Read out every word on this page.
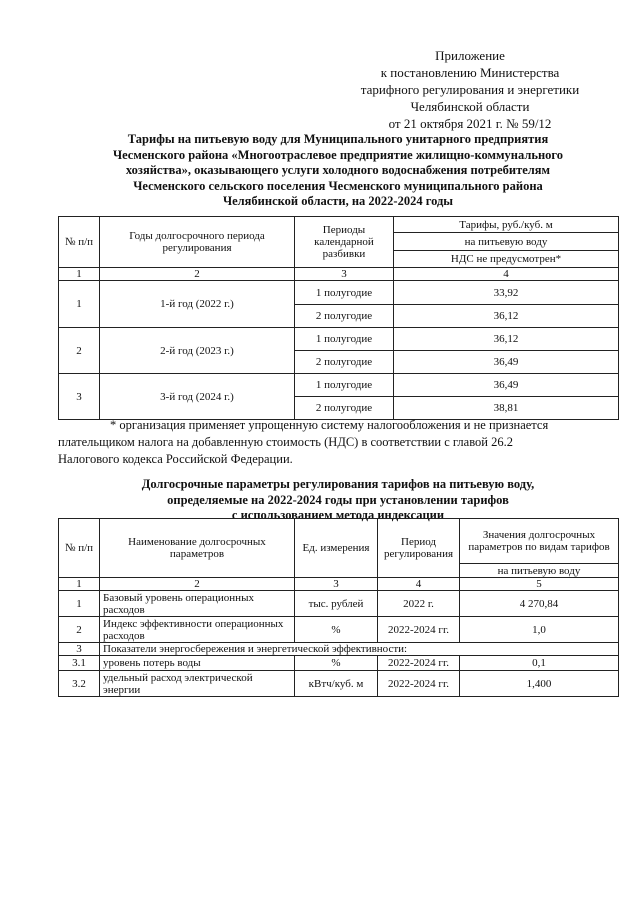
Приложение
к постановлению Министерства
тарифного регулирования и энергетики
Челябинской области
от 21 октября 2021 г. № 59/12
Тарифы на питьевую воду для Муниципального унитарного предприятия
Чесменского района «Многоотраслевое предприятие жилищно-коммунального
хозяйства», оказывающего услуги холодного водоснабжения потребителям
Чесменского сельского поселения Чесменского муниципального района
Челябинской области, на 2022-2024 годы
№ п/п	Годы долгосрочного периода регулирования	Периоды календарной разбивки	Тарифы, руб./куб. м
			на питьевую воду
			НДС не предусмотрен*
1	2	3	4
1	1-й год (2022 г.)	1 полугодие	33,92
		2 полугодие	36,12
2	2-й год (2023 г.)	1 полугодие	36,12
		2 полугодие	36,49
3	3-й год (2024 г.)	1 полугодие	36,49
		2 полугодие	38,81
* организация применяет упрощенную систему налогообложения и не признается
плательщиком налога на добавленную стоимость (НДС) в соответствии с главой 26.2
Налогового кодекса Российской Федерации.
Долгосрочные параметры регулирования тарифов на питьевую воду,
определяемые на 2022-2024 годы при установлении тарифов
с использованием метода индексации
№ п/п	Наименование долгосрочных параметров	Ед. измерения	Период регулирования	Значения долгосрочных параметров по видам тарифов
				на питьевую воду
1	2	3	4	5
1	Базовый уровень операционных расходов	тыс. рублей	2022 г.	4 270,84
2	Индекс эффективности операционных расходов	%	2022-2024 гг.	1,0
3	Показатели энергосбережения и энергетической эффективности:			
3.1	уровень потерь воды	%	2022-2024 гг.	0,1
3.2	удельный расход электрической энергии	кВтч/куб. м	2022-2024 гг.	1,400
